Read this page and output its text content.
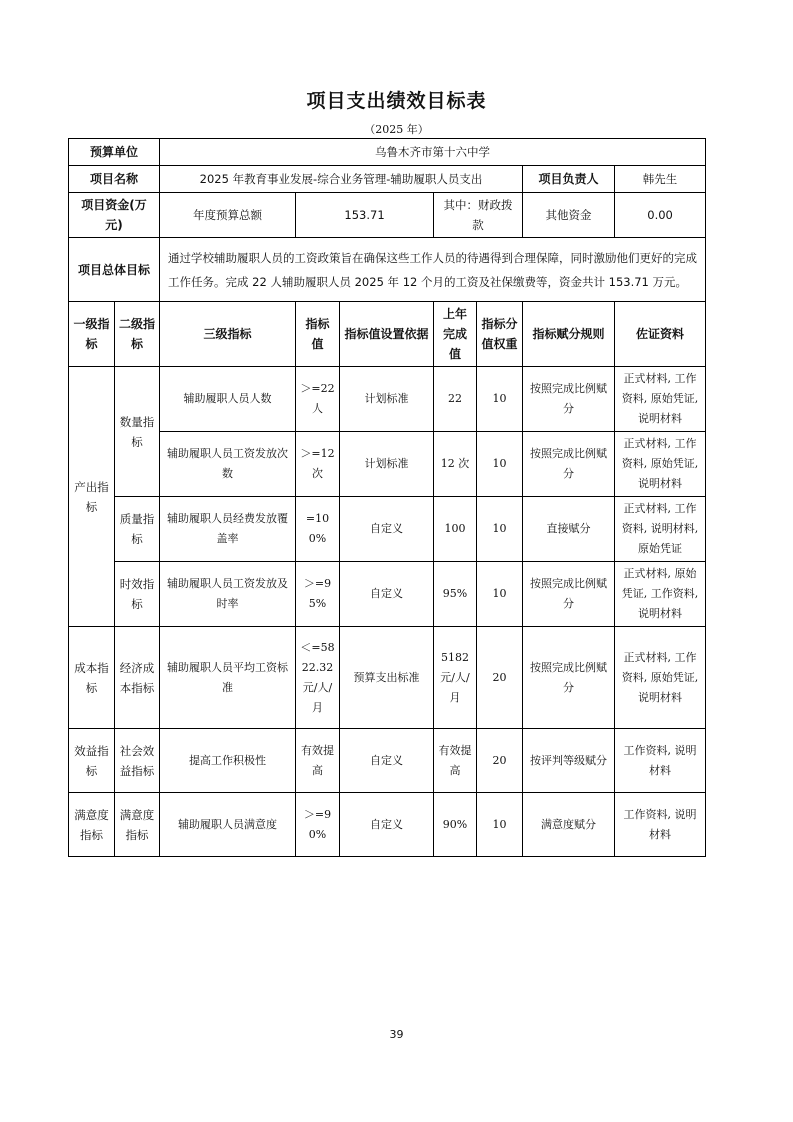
项目支出绩效目标表
（2025 年）
预算单位		乌鲁木齐市第十六中学						
项目名称		2025 年教育事业发展-综合业务管理-辅助履职人员支出					项目负责人	韩先生
项目资金(万元)		年度预算总额	153.71		其中：财政拨款		其他资金	0.00
项目总体目标		通过学校辅助履职人员的工资政策旨在确保这些工作人员的待遇得到合理保障，同时激励他们更好的完成工作任务。完成 22 人辅助履职人员 2025 年 12 个月的工资及社保缴费等，资金共计 153.71 万元。						
一级指标	二级指标	三级指标	指标值	指标值设置依据	上年完成值	指标分值权重	指标赋分规则	佐证资料
产出指标	数量指标	辅助履职人员人数	＞=22 人	计划标准	22	10	按照完成比例赋分	正式材料, 工作资料, 原始凭证, 说明材料
		辅助履职人员工资发放次数	＞=12 次	计划标准	12 次	10	按照完成比例赋分	正式材料, 工作资料, 原始凭证, 说明材料
	质量指标	辅助履职人员经费发放覆盖率	=100%	自定义	100	10	直接赋分	正式材料, 工作资料, 说明材料, 原始凭证
	时效指标	辅助履职人员工资发放及时率	＞=95%	自定义	95%	10	按照完成比例赋分	正式材料, 原始凭证, 工作资料, 说明材料
成本指标	经济成本指标	辅助履职人员平均工资标准	＜=5822.32 元/人/月	预算支出标准	5182 元/人/月	20	按照完成比例赋分	正式材料, 工作资料, 原始凭证, 说明材料
效益指标	社会效益指标	提高工作积极性	有效提高	自定义	有效提高	20	按评判等级赋分	工作资料, 说明材料
满意度指标	满意度指标	辅助履职人员满意度	＞=90%	自定义	90%	10	满意度赋分	工作资料, 说明材料
39
